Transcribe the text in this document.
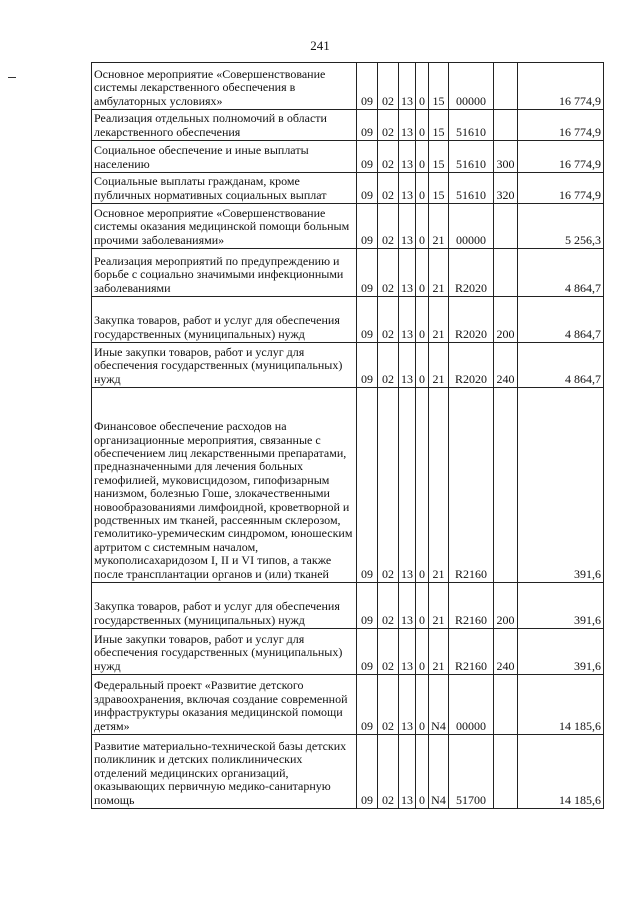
241
Основное мероприятие «Совершенствование системы лекарственного обеспечения в амбулаторных условиях»	09	02	13	0	15	00000		16 774,9
Реализация отдельных полномочий в области лекарственного обеспечения	09	02	13	0	15	51610		16 774,9
Социальное обеспечение и иные выплаты населению	09	02	13	0	15	51610	300	16 774,9
Социальные выплаты гражданам, кроме публичных нормативных социальных выплат	09	02	13	0	15	51610	320	16 774,9
Основное мероприятие «Совершенствование системы оказания медицинской помощи больным прочими заболеваниями»	09	02	13	0	21	00000		5 256,3
Реализация мероприятий по предупреждению и борьбе с социально значимыми инфекционными заболеваниями	09	02	13	0	21	R2020		4 864,7
Закупка товаров, работ и услуг для обеспечения государственных (муниципальных) нужд	09	02	13	0	21	R2020	200	4 864,7
Иные закупки товаров, работ и услуг для обеспечения государственных (муниципальных) нужд	09	02	13	0	21	R2020	240	4 864,7
Финансовое обеспечение расходов на организационные мероприятия, связанные с обеспечением лиц лекарственными препаратами, предназначенными для лечения больных гемофилией, муковисцидозом, гипофизарным нанизмом, болезнью Гоше, злокачественными новообразованиями лимфоидной, кроветворной и родственных им тканей, рассеянным склерозом, гемолитико-уремическим синдромом, юношеским артритом с системным началом, мукополисахаридозом I, II и VI типов, а также после трансплантации органов и (или) тканей	09	02	13	0	21	R2160		391,6
Закупка товаров, работ и услуг для обеспечения государственных (муниципальных) нужд	09	02	13	0	21	R2160	200	391,6
Иные закупки товаров, работ и услуг для обеспечения государственных (муниципальных) нужд	09	02	13	0	21	R2160	240	391,6
Федеральный проект «Развитие детского здравоохранения, включая создание современной инфраструктуры оказания медицинской помощи детям»	09	02	13	0	N4	00000		14 185,6
Развитие материально-технической базы детских поликлиник и детских поликлинических отделений медицинских организаций, оказывающих первичную медико-санитарную помощь	09	02	13	0	N4	51700		14 185,6
